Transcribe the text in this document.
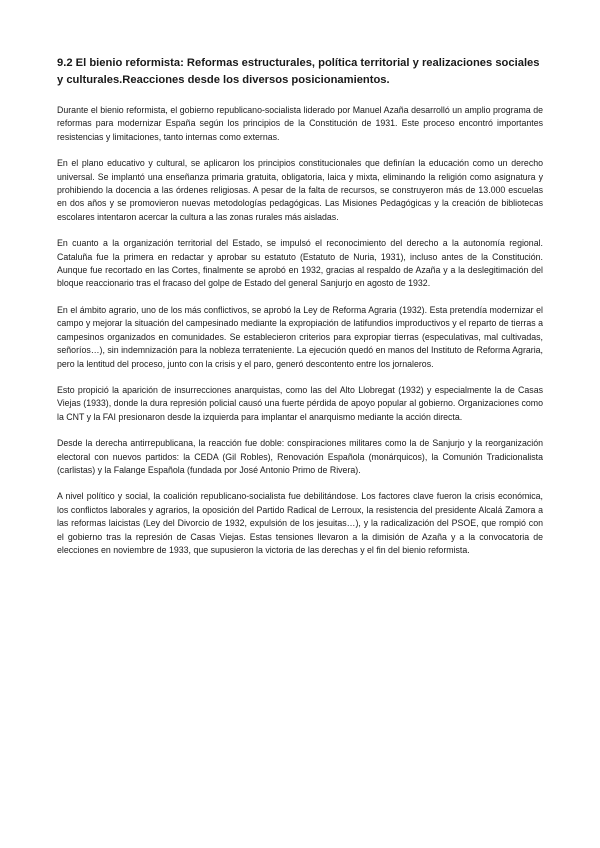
9.2 El bienio reformista: Reformas estructurales, política territorial y realizaciones sociales y culturales.Reacciones desde los diversos posicionamientos.

Durante el bienio reformista, el gobierno republicano-socialista liderado por Manuel Azaña desarrolló un amplio programa de reformas para modernizar España según los principios de la Constitución de 1931. Este proceso encontró importantes resistencias y limitaciones, tanto internas como externas.

En el plano educativo y cultural, se aplicaron los principios constitucionales que definían la educación como un derecho universal. Se implantó una enseñanza primaria gratuita, obligatoria, laica y mixta, eliminando la religión como asignatura y prohibiendo la docencia a las órdenes religiosas. A pesar de la falta de recursos, se construyeron más de 13.000 escuelas en dos años y se promovieron nuevas metodologías pedagógicas. Las Misiones Pedagógicas y la creación de bibliotecas escolares intentaron acercar la cultura a las zonas rurales más aisladas.

En cuanto a la organización territorial del Estado, se impulsó el reconocimiento del derecho a la autonomía regional. Cataluña fue la primera en redactar y aprobar su estatuto (Estatuto de Nuria, 1931), incluso antes de la Constitución. Aunque fue recortado en las Cortes, finalmente se aprobó en 1932, gracias al respaldo de Azaña y a la deslegitimación del bloque reaccionario tras el fracaso del golpe de Estado del general Sanjurjo en agosto de 1932.

En el ámbito agrario, uno de los más conflictivos, se aprobó la Ley de Reforma Agraria (1932). Esta pretendía modernizar el campo y mejorar la situación del campesinado mediante la expropiación de latifundios improductivos y el reparto de tierras a campesinos organizados en comunidades. Se establecieron criterios para expropiar tierras (especulativas, mal cultivadas, señoríos…), sin indemnización para la nobleza terrateniente. La ejecución quedó en manos del Instituto de Reforma Agraria, pero la lentitud del proceso, junto con la crisis y el paro, generó descontento entre los jornaleros.

Esto propició la aparición de insurrecciones anarquistas, como las del Alto Llobregat (1932) y especialmente la de Casas Viejas (1933), donde la dura represión policial causó una fuerte pérdida de apoyo popular al gobierno. Organizaciones como la CNT y la FAI presionaron desde la izquierda para implantar el anarquismo mediante la acción directa.

Desde la derecha antirrepublicana, la reacción fue doble: conspiraciones militares como la de Sanjurjo y la reorganización electoral con nuevos partidos: la CEDA (Gil Robles), Renovación Española (monárquicos), la Comunión Tradicionalista (carlistas) y la Falange Española (fundada por José Antonio Primo de Rivera).

A nivel político y social, la coalición republicano-socialista fue debilitándose. Los factores clave fueron la crisis económica, los conflictos laborales y agrarios, la oposición del Partido Radical de Lerroux, la resistencia del presidente Alcalá Zamora a las reformas laicistas (Ley del Divorcio de 1932, expulsión de los jesuitas…), y la radicalización del PSOE, que rompió con el gobierno tras la represión de Casas Viejas. Estas tensiones llevaron a la dimisión de Azaña y a la convocatoria de elecciones en noviembre de 1933, que supusieron la victoria de las derechas y el fin del bienio reformista.
